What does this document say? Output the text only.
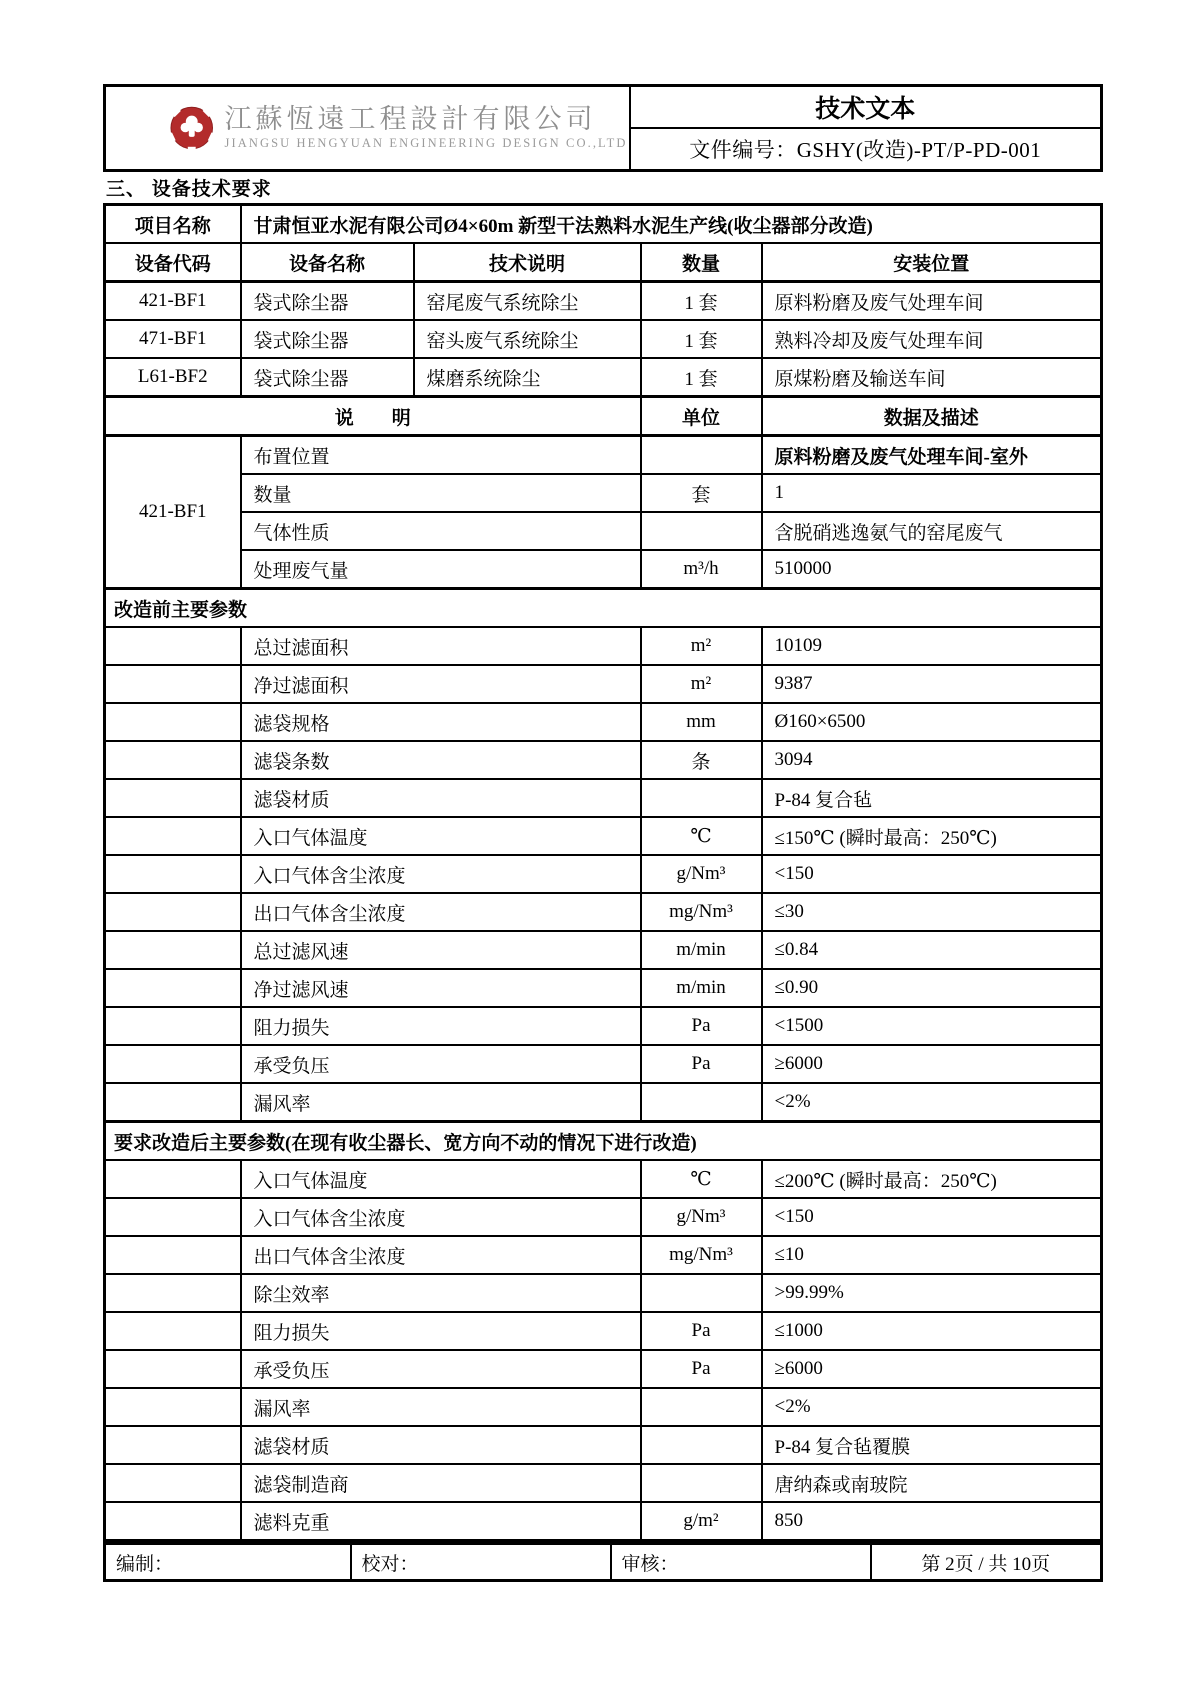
江蘇恆遠工程設計有限公司
JIANGSU HENGYUAN ENGINEERING DESIGN CO.,LTD
	技术文本
文件编号：GSHY(改造)-PT/P-PD-001
三、 设备技术要求
项目名称	甘肃恒亚水泥有限公司Ø4×60m 新型干法熟料水泥生产线(收尘器部分改造)			
设备代码	设备名称	技术说明	数量	安装位置
421-BF1	袋式除尘器	窑尾废气系统除尘	1 套	原料粉磨及废气处理车间
471-BF1	袋式除尘器	窑头废气系统除尘	1 套	熟料冷却及废气处理车间
L61-BF2	袋式除尘器	煤磨系统除尘	1 套	原煤粉磨及输送车间
说　　明			单位	数据及描述
421-BF1	布置位置			原料粉磨及废气处理车间-室外
	数量		套	1
	气体性质			含脱硝逃逸氨气的窑尾废气
	处理废气量		m³/h	510000
改造前主要参数				
	总过滤面积		m²	10109
	净过滤面积		m²	9387
	滤袋规格		mm	Ø160×6500
	滤袋条数		条	3094
	滤袋材质			P-84 复合毡
	入口气体温度		℃	≤150℃ (瞬时最高：250℃)
	入口气体含尘浓度		g/Nm³	<150
	出口气体含尘浓度		mg/Nm³	≤30
	总过滤风速		m/min	≤0.84
	净过滤风速		m/min	≤0.90
	阻力损失		Pa	<1500
	承受负压		Pa	≥6000
	漏风率			<2%
要求改造后主要参数(在现有收尘器长、宽方向不动的情况下进行改造)				
	入口气体温度		℃	≤200℃ (瞬时最高：250℃)
	入口气体含尘浓度		g/Nm³	<150
	出口气体含尘浓度		mg/Nm³	≤10
	除尘效率			>99.99%
	阻力损失		Pa	≤1000
	承受负压		Pa	≥6000
	漏风率			<2%
	滤袋材质			P-84 复合毡覆膜
	滤袋制造商			唐纳森或南玻院
	滤料克重		g/m²	850
编制：	校对：	审核：	第 2页 / 共 10页
